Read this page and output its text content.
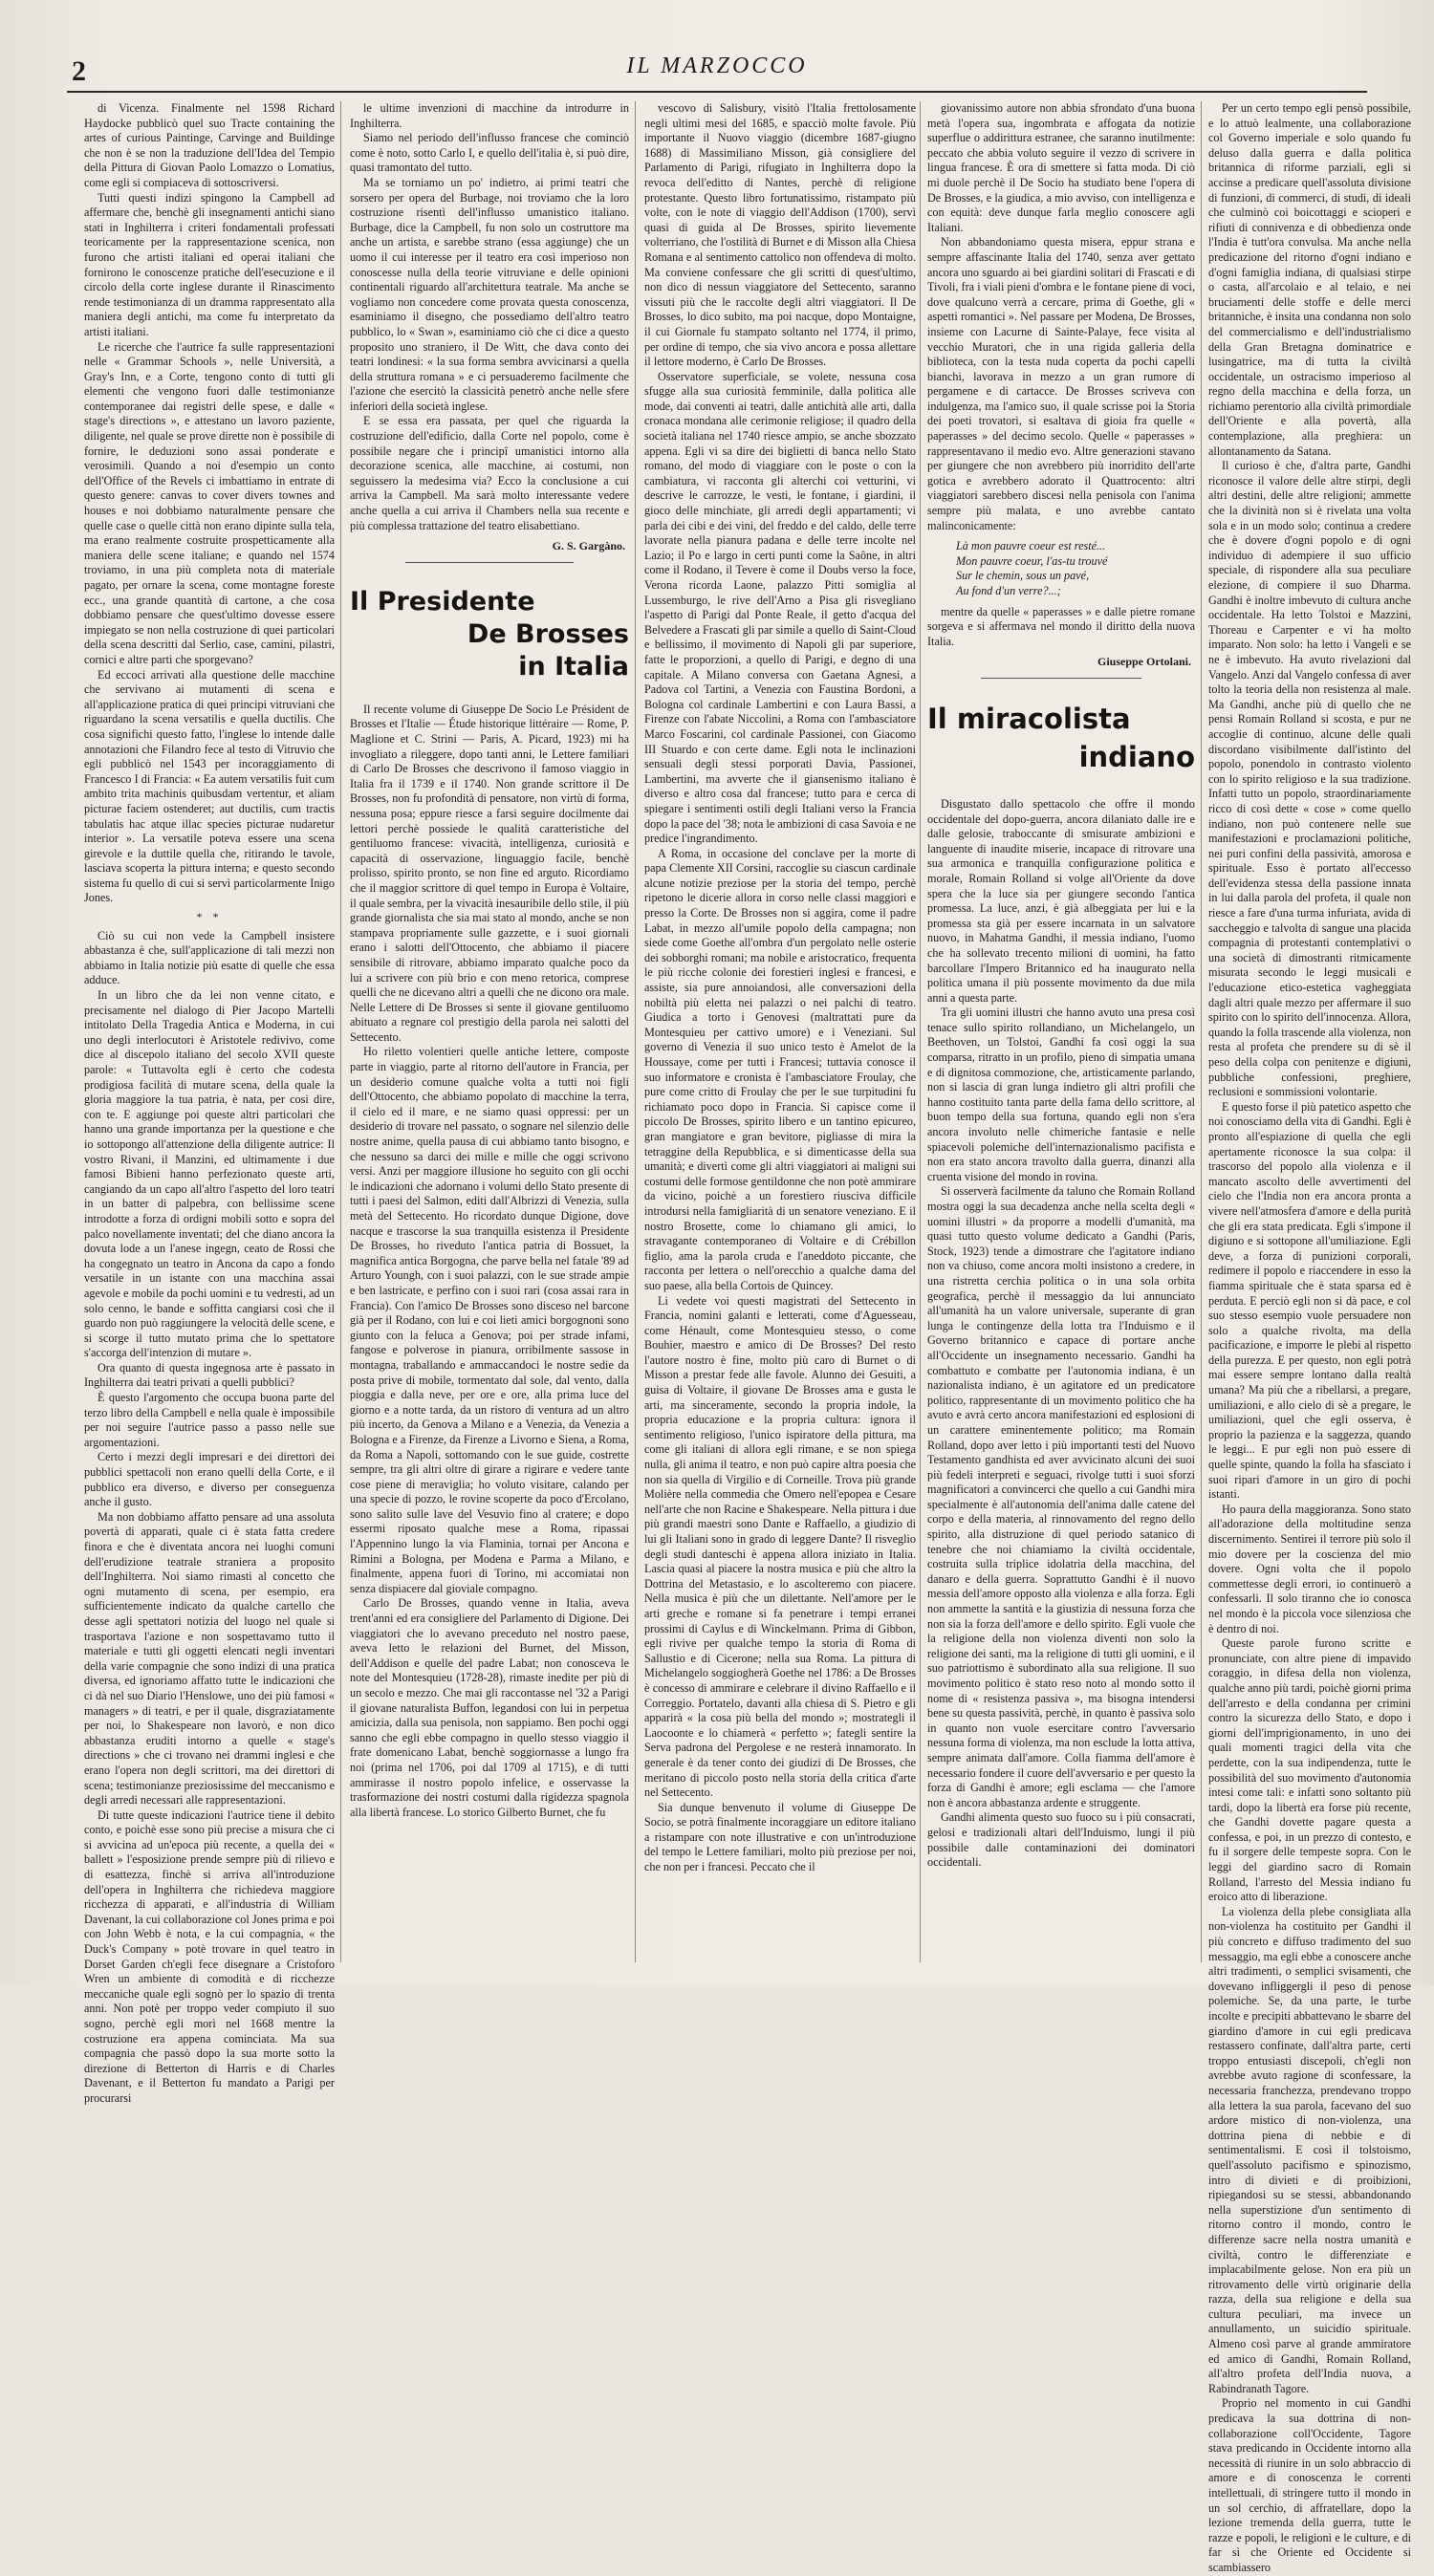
2	IL MARZOCCO

di Vicenza. Finalmente nel 1598 Richard Haydocke pubblicò quel suo Tracte containing the artes of curious Paintinge, Carvinge and Buildinge che non è se non la traduzione dell'Idea del Tempio della Pittura di Giovan Paolo Lomazzo o Lomatius, come egli si compiaceva di sottoscriversi.

Tutti questi indizi spingono la Campbell ad affermare che, benchè gli insegnamenti antichi siano stati in Inghilterra i criteri fondamentali professati teoricamente per la rappresentazione scenica, non furono che artisti italiani ed operai italiani che fornirono le conoscenze pratiche dell'esecuzione e il circolo della corte inglese durante il Rinascimento rende testimonianza di un dramma rappresentato alla maniera degli antichi, ma come fu interpretato da artisti italiani.

Le ricerche che l'autrice fa sulle rappresentazioni nelle « Grammar Schools », nelle Università, a Gray's Inn, e a Corte, tengono conto di tutti gli elementi che vengono fuori dalle testimonianze contemporanee dai registri delle spese, e dalle « stage's directions », e attestano un lavoro paziente, diligente, nel quale se prove dirette non è possibile di fornire, le deduzioni sono assai ponderate e verosimili. Quando a noi d'esempio un conto dell'Office of the Revels ci imbattiamo in entrate di questo genere: canvas to cover divers townes and houses e noi dobbiamo naturalmente pensare che quelle case o quelle città non erano dipinte sulla tela, ma erano realmente costruite prospetticamente alla maniera delle scene italiane; e quando nel 1574 troviamo, in una più completa nota di materiale pagato, per ornare la scena, come montagne foreste ecc., una grande quantità di cartone, a che cosa dobbiamo pensare che quest'ultimo dovesse essere impiegato se non nella costruzione di quei particolari della scena descritti dal Serlio, case, camini, pilastri, cornici e altre parti che sporgevano?

Ed eccoci arrivati alla questione delle macchine che servivano ai mutamenti di scena e all'applicazione pratica di quei principi vitruviani che riguardano la scena versatilis e quella ductilis. Che cosa significhi questo fatto, l'inglese lo intende dalle annotazioni che Filandro fece al testo di Vitruvio che egli pubblicò nel 1543 per incoraggiamento di Francesco I di Francia: « Ea autem versatilis fuit cum ambito trita machinis quibusdam vertentur, et aliam picturae faciem ostenderet; aut ductilis, cum tractis tabulatis hac atque illac species picturae nudaretur interior ». La versatile poteva essere una scena girevole e la duttile quella che, ritirando le tavole, lasciava scoperta la pittura interna; e questo secondo sistema fu quello di cui si servì particolarmente Inigo Jones.

* *

Ciò su cui non vede la Campbell insistere abbastanza è che, sull'applicazione di tali mezzi non abbiamo in Italia notizie più esatte di quelle che essa adduce.

In un libro che da lei non venne citato, e precisamente nel dialogo di Pier Jacopo Martelli intitolato Della Tragedia Antica e Moderna, in cui uno degli interlocutori è Aristotele redivivo, come dice al discepolo italiano del secolo XVII queste parole: « Tuttavolta egli è certo che codesta prodigiosa facilità di mutare scena, della quale la gloria maggiore la tua patria, è nata, per cosi dire, con te. E aggiunge poi queste altri particolari che hanno una grande importanza per la questione e che io sottopongo all'attenzione della diligente autrice: Il vostro Rivani, il Manzini, ed ultimamente i due famosi Bibieni hanno perfezionato queste arti, cangiando da un capo all'altro l'aspetto del loro teatri in un batter di palpebra, con bellissime scene introdotte a forza di ordigni mobili sotto e sopra del palco novellamente inventati; del che diano ancora la dovuta lode a un l'anese ingegn, ceato de Rossi che ha congegnato un teatro in Ancona da capo a fondo versatile in un istante con una macchina assai agevole e mobile da pochi uomini e tu vedresti, ad un solo cenno, le bande e soffitta cangiarsi così che il guardo non può raggiungere la velocità delle scene, e si scorge il tutto mutato prima che lo spettatore s'accorga dell'intenzion di mutare ».

Ora quanto di questa ingegnosa arte è passato in Inghilterra dai teatri privati a quelli pubblici?

È questo l'argomento che occupa buona parte del terzo libro della Campbell e nella quale è impossibile per noi seguire l'autrice passo a passo nelle sue argomentazioni.

Certo i mezzi degli impresari e dei direttori dei pubblici spettacoli non erano quelli della Corte, e il pubblico era diverso, e diverso per conseguenza anche il gusto.

Ma non dobbiamo affatto pensare ad una assoluta povertà di apparati, quale ci è stata fatta credere finora e che è diventata ancora nei luoghi comuni dell'erudizione teatrale straniera a proposito dell'Inghilterra. Noi siamo rimasti al concetto che ogni mutamento di scena, per esempio, era sufficientemente indicato da qualche cartello che desse agli spettatori notizia del luogo nel quale si trasportava l'azione e non sospettavamo tutto il materiale e tutti gli oggetti elencati negli inventari della varie compagnie che sono indizi di una pratica diversa, ed ignoriamo affatto tutte le indicazioni che ci dà nel suo Diario l'Henslowe, uno dei più famosi « managers » di teatri, e per il quale, disgraziatamente per noi, lo Shakespeare non lavorò, e non dico abbastanza eruditi intorno a quelle « stage's directions » che ci trovano nei drammi inglesi e che erano l'opera non degli scrittori, ma dei direttori di scena; testimonianze preziosissime del meccanismo e degli arredi necessari alle rappresentazioni.

Di tutte queste indicazioni l'autrice tiene il debito conto, e poichè esse sono più precise a misura che ci si avvicina ad un'epoca più recente, a quella dei « ballett » l'esposizione prende sempre più di rilievo e di esattezza, finchè si arriva all'introduzione dell'opera in Inghilterra che richiedeva maggiore ricchezza di apparati, e all'industria di William Davenant, la cui collaborazione col Jones prima e poi con John Webb è nota, e la cui compagnia, « the Duck's Company » potè trovare in quel teatro in Dorset Garden ch'egli fece disegnare a Cristoforo Wren un ambiente di comodità e di ricchezze meccaniche quale egli sognò per lo spazio di trenta anni. Non potè per troppo veder compiuto il suo sogno, perchè egli morì nel 1668 mentre la costruzione era appena cominciata. Ma sua compagnia che passò dopo la sua morte sotto la direzione di Betterton di Harris e di Charles Davenant, e il Betterton fu mandato a Parigi per procurarsi

le ultime invenzioni di macchine da introdurre in Inghilterra.

Siamo nel periodo dell'influsso francese che cominciò come è noto, sotto Carlo I, e quello dell'italia è, si può dire, quasi tramontato del tutto.

Ma se torniamo un po' indietro, ai primi teatri che sorsero per opera del Burbage, noi troviamo che la loro costruzione risentì dell'influsso umanistico italiano. Burbage, dice la Campbell, fu non solo un costruttore ma anche un artista, e sarebbe strano (essa aggiunge) che un uomo il cui interesse per il teatro era così imperioso non conoscesse nulla della teorie vitruviane e delle opinioni continentali riguardo all'architettura teatrale. Ma anche se vogliamo non concedere come provata questa conoscenza, esaminiamo il disegno, che possediamo dell'altro teatro pubblico, lo « Swan », esaminiamo ciò che ci dice a questo proposito uno straniero, il De Witt, che dava conto dei teatri londinesi: « la sua forma sembra avvicinarsi a quella della struttura romana » e ci persuaderemo facilmente che l'azione che esercitò la classicità penetrò anche nelle sfere inferiori della società inglese.

E se essa era passata, per quel che riguarda la costruzione dell'edificio, dalla Corte nel popolo, come è possibile negare che i principî umanistici intorno alla decorazione scenica, alle macchine, ai costumi, non seguissero la medesima via? Ecco la conclusione a cui arriva la Campbell. Ma sarà molto interessante vedere anche quella a cui arriva il Chambers nella sua recente e più complessa trattazione del teatro elisabettiano.

G. S. Gargàno.

Il Presidente
De Brosses
in Italia

Il recente volume di Giuseppe De Socio Le Président de Brosses et l'Italie — Étude historique littéraire — Rome, P. Maglione et C. Strini — Paris, A. Picard, 1923) mi ha invogliato a rileggere, dopo tanti anni, le Lettere familiari di Carlo De Brosses che descrivono il famoso viaggio in Italia fra il 1739 e il 1740. Non grande scrittore il De Brosses, non fu profondità di pensatore, non virtù di forma, nessuna posa; eppure riesce a farsi seguire docilmente dai lettori perchè possiede le qualità caratteristiche del gentiluomo francese: vivacità, intelligenza, curiosità e capacità di osservazione, linguaggio facile, benchè prolisso, spirito pronto, se non fine ed arguto. Ricordiamo che il maggior scrittore di quel tempo in Europa è Voltaire, il quale sembra, per la vivacità inesauribile dello stile, il più grande giornalista che sia mai stato al mondo, anche se non stampava propriamente sulle gazzette, e i suoi giornali erano i salotti dell'Ottocento, che abbiamo il piacere sensibile di ritrovare, abbiamo imparato qualche poco da lui a scrivere con più brio e con meno retorica, comprese quelli che ne dicevano altri a quelli che ne dicono ora male. Nelle Lettere di De Brosses si sente il giovane gentiluomo abituato a regnare col prestigio della parola nei salotti del Settecento.

Ho riletto volentieri quelle antiche lettere, composte parte in viaggio, parte al ritorno dell'autore in Francia, per un desiderio comune qualche volta a tutti noi figli dell'Ottocento, che abbiamo popolato di macchine la terra, il cielo ed il mare, e ne siamo quasi oppressi: per un desiderio di trovare nel passato, o sognare nel silenzio delle nostre anime, quella pausa di cui abbiamo tanto bisogno, e che nessuno sa darci dei mille e mille che oggi scrivono versi. Anzi per maggiore illusione ho seguito con gli occhi le indicazioni che adornano i volumi dello Stato presente di tutti i paesi del Salmon, editi dall'Albrizzi di Venezia, sulla metà del Settecento. Ho ricordato dunque Digione, dove nacque e trascorse la sua tranquilla esistenza il Presidente De Brosses, ho riveduto l'antica patria di Bossuet, la magnifica antica Borgogna, che parve bella nel fatale '89 ad Arturo Youngh, con i suoi palazzi, con le sue strade ampie e ben lastricate, e perfino con i suoi rari (cosa assai rara in Francia). Con l'amico De Brosses sono disceso nel barcone già per il Rodano, con lui e coi lieti amici borgognoni sono giunto con la feluca a Genova; poi per strade infami, fangose e polverose in pianura, orribilmente sassose in montagna, traballando e ammaccandoci le nostre sedie da posta prive di mobile, tormentato dal sole, dal vento, dalla pioggia e dalla neve, per ore e ore, alla prima luce del giorno e a notte tarda, da un ristoro di ventura ad un altro più incerto, da Genova a Milano e a Venezia, da Venezia a Bologna e a Firenze, da Firenze a Livorno e Siena, a Roma, da Roma a Napoli, sottomando con le sue guide, costrette sempre, tra gli altri oltre di girare a rigirare e vedere tante cose piene di meraviglia; ho voluto visitare, calando per una specie di pozzo, le rovine scoperte da poco d'Ercolano, sono salito sulle lave del Vesuvio fino al cratere; e dopo essermi riposato qualche mese a Roma, ripassai l'Appennino lungo la via Flaminia, tornai per Ancona e Rimini a Bologna, per Modena e Parma a Milano, e finalmente, appena fuori di Torino, mi accomiatai non senza dispiacere dal gioviale compagno.

Carlo De Brosses, quando venne in Italia, aveva trent'anni ed era consigliere del Parlamento di Digione. Dei viaggiatori che lo avevano preceduto nel nostro paese, aveva letto le relazioni del Burnet, del Misson, dell'Addison e quelle del padre Labat; non conosceva le note del Montesquieu (1728-28), rimaste inedite per più di un secolo e mezzo. Che mai gli raccontasse nel '32 a Parigi il giovane naturalista Buffon, legandosi con lui in perpetua amicizia, dalla sua penisola, non sappiamo. Ben pochi oggi sanno che egli ebbe compagno in quello stesso viaggio il frate domenicano Labat, benchè soggiornasse a lungo fra noi (prima nel 1706, poi dal 1709 al 1715), e di tutti ammirasse il nostro popolo infelice, e osservasse la trasformazione dei nostri costumi dalla rigidezza spagnola alla libertà francese. Lo storico Gilberto Burnet, che fu

vescovo di Salisbury, visitò l'Italia frettolosamente negli ultimi mesi del 1685, e spacciò molte favole. Più importante il Nuovo viaggio (dicembre 1687-giugno 1688) di Massimiliano Misson, già consigliere del Parlamento di Parigi, rifugiato in Inghilterra dopo la revoca dell'editto di Nantes, perchè di religione protestante. Questo libro fortunatissimo, ristampato più volte, con le note di viaggio dell'Addison (1700), servì quasi di guida al De Brosses, spirito lievemente volterriano, che l'ostilità di Burnet e di Misson alla Chiesa Romana e al sentimento cattolico non offendeva di molto. Ma conviene confessare che gli scritti di quest'ultimo, non dico di nessun viaggiatore del Settecento, saranno vissuti più che le raccolte degli altri viaggiatori. Il De Brosses, lo dico subito, ma poi nacque, dopo Montaigne, il cui Giornale fu stampato soltanto nel 1774, il primo, per ordine di tempo, che sia vivo ancora e possa allettare il lettore moderno, è Carlo De Brosses.

Osservatore superficiale, se volete, nessuna cosa sfugge alla sua curiosità femminile, dalla politica alle mode, dai conventi ai teatri, dalle antichità alle arti, dalla cronaca mondana alle cerimonie religiose; il quadro della società italiana nel 1740 riesce ampio, se anche sbozzato appena. Egli vi sa dire dei biglietti di banca nello Stato romano, del modo di viaggiare con le poste o con la cambiatura, vi racconta gli alterchi coi vetturini, vi descrive le carrozze, le vesti, le fontane, i giardini, il gioco delle minchiate, gli arredi degli appartamenti; vi parla dei cibi e dei vini, del freddo e del caldo, delle terre lavorate nella pianura padana e delle terre incolte nel Lazio; il Po e largo in certi punti come la Saône, in altri come il Rodano, il Tevere è come il Doubs verso la foce, Verona ricorda Laone, palazzo Pitti somiglia al Lussemburgo, le rive dell'Arno a Pisa gli risvegliano l'aspetto di Parigi dal Ponte Reale, il getto d'acqua del Belvedere a Frascati gli par simile a quello di Saint-Cloud e bellissimo, il movimento di Napoli gli par superiore, fatte le proporzioni, a quello di Parigi, e degno di una capitale. A Milano conversa con Gaetana Agnesi, a Padova col Tartini, a Venezia con Faustina Bordoni, a Bologna col cardinale Lambertini e con Laura Bassi, a Firenze con l'abate Niccolini, a Roma con l'ambasciatore Marco Foscarini, col cardinale Passionei, con Giacomo III Stuardo e con certe dame. Egli nota le inclinazioni sensuali degli stessi porporati Davia, Passionei, Lambertini, ma avverte che il giansenismo italiano è diverso e altro cosa dal francese; tutto para e cerca di spiegare i sentimenti ostili degli Italiani verso la Francia dopo la pace del '38; nota le ambizioni di casa Savoia e ne predice l'ingrandimento.

A Roma, in occasione del conclave per la morte di papa Clemente XII Corsini, raccoglie su ciascun cardinale alcune notizie preziose per la storia del tempo, perchè ripetono le dicerie allora in corso nelle classi maggiori e presso la Corte. De Brosses non si aggira, come il padre Labat, in mezzo all'umile popolo della campagna; non siede come Goethe all'ombra d'un pergolato nelle osterie dei sobborghi romani; ma nobile e aristocratico, frequenta le più ricche colonie dei forestieri inglesi e francesi, e assiste, sia pure annoiandosi, alle conversazioni della nobiltà più eletta nei palazzi o nei palchi di teatro. Giudica a torto i Genovesi (maltrattati pure da Montesquieu per cattivo umore) e i Veneziani. Sul governo di Venezia il suo unico testo è Amelot de la Houssaye, come per tutti i Francesi; tuttavia conosce il suo informatore e cronista è l'ambasciatore Froulay, che pure come critto di Froulay che per le sue turpitudini fu richiamato poco dopo in Francia. Si capisce come il piccolo De Brosses, spirito libero e un tantino epicureo, gran mangiatore e gran bevitore, pigliasse di mira la tetraggine della Repubblica, e si dimenticasse della sua umanità; e divertì come gli altri viaggiatori ai maligni sui costumi delle formose gentildonne che non potè ammirare da vicino, poichè a un forestiero riusciva difficile introdursi nella famigliarità di un senatore veneziano. E il nostro Brosette, come lo chiamano gli amici, lo stravagante contemporaneo di Voltaire e di Crébillon figlio, ama la parola cruda e l'aneddoto piccante, che racconta per lettera o nell'orecchio a qualche dama del suo paese, alla bella Cortois de Quincey.

Li vedete voi questi magistrati del Settecento in Francia, nomini galanti e letterati, come d'Aguesseau, come Hénault, come Montesquieu stesso, o come Bouhier, maestro e amico di De Brosses? Del resto l'autore nostro è fine, molto più caro di Burnet o di Misson a prestar fede alle favole. Alunno dei Gesuiti, a guisa di Voltaire, il giovane De Brosses ama e gusta le arti, ma sinceramente, secondo la propria indole, la propria educazione e la propria cultura: ignora il sentimento religioso, l'unico ispiratore della pittura, ma come gli italiani di allora egli rimane, e se non spiega nulla, gli anima il teatro, e non può capire altra poesia che non sia quella di Virgilio e di Corneille. Trova più grande Molière nella commedia che Omero nell'epopea e Cesare nell'arte che non Racine e Shakespeare. Nella pittura i due più grandi maestri sono Dante e Raffaello, a giudizio di lui gli Italiani sono in grado di leggere Dante? Il risveglio degli studi danteschi è appena allora iniziato in Italia. Lascia quasi al piacere la nostra musica e più che altro la Dottrina del Metastasio, e lo ascolteremo con piacere. Nella musica è più che un dilettante. Nell'amore per le arti greche e romane si fa penetrare i tempi erranei prossimi di Caylus e di Winckelmann. Prima di Gibbon, egli rivive per qualche tempo la storia di Roma di Sallustio e di Cicerone; nella sua Roma. La pittura di Michelangelo soggiogherà Goethe nel 1786: a De Brosses è concesso di ammirare e celebrare il divino Raffaello e il Correggio. Portatelo, davanti alla chiesa di S. Pietro e gli apparirà « la cosa più bella del mondo »; mostrategli il Laocoonte e lo chiamerà « perfetto »; fategli sentire la Serva padrona del Pergolese e ne resterà innamorato. In generale è da tener conto dei giudizi di De Brosses, che meritano di piccolo posto nella storia della critica d'arte nel Settecento.

Sia dunque benvenuto il volume di Giuseppe De Socio, se potrà finalmente incoraggiare un editore italiano a ristampare con note illustrative e con un'introduzione del tempo le Lettere familiari, molto più preziose per noi, che non per i francesi. Peccato che il

giovanissimo autore non abbia sfrondato d'una buona metà l'opera sua, ingombrata e affogata da notizie superflue o addirittura estranee, che saranno inutilmente: peccato che abbia voluto seguire il vezzo di scrivere in lingua francese. È ora di smettere sì fatta moda. Di ciò mi duole perchè il De Socio ha studiato bene l'opera di De Brosses, e la giudica, a mio avviso, con intelligenza e con equità: deve dunque farla meglio conoscere agli Italiani.

Non abbandoniamo questa misera, eppur strana e sempre affascinante Italia del 1740, senza aver gettato ancora uno sguardo ai bei giardini solitari di Frascati e di Tivoli, fra i viali pieni d'ombra e le fontane piene di voci, dove qualcuno verrà a cercare, prima di Goethe, gli « aspetti romantici ». Nel passare per Modena, De Brosses, insieme con Lacurne di Sainte-Palaye, fece visita al vecchio Muratori, che in una rigida galleria della biblioteca, con la testa nuda coperta da pochi capelli bianchi, lavorava in mezzo a un gran rumore di pergamene e di cartacce. De Brosses scriveva con indulgenza, ma l'amico suo, il quale scrisse poi la Storia dei poeti trovatori, si esaltava di gioia fra quelle « paperasses » del decimo secolo. Quelle « paperasses » rappresentavano il medio evo. Altre generazioni stavano per giungere che non avrebbero più inorridito dell'arte gotica e avrebbero adorato il Quattrocento: altri viaggiatori sarebbero discesi nella penisola con l'anima sempre più malata, e uno avrebbe cantato malinconicamente:

Là mon pauvre coeur est resté...
Mon pauvre coeur, l'as-tu trouvé
Sur le chemin, sous un pavé,
Au fond d'un verre?...;

mentre da quelle « paperasses » e dalle pietre romane sorgeva e si affermava nel mondo il diritto della nuova Italia.

Giuseppe Ortolani.

Il miracolista
indiano

Disgustato dallo spettacolo che offre il mondo occidentale del dopo-guerra, ancora dilaniato dalle ire e dalle gelosie, traboccante di smisurate ambizioni e languente di inaudite miserie, incapace di ritrovare una sua armonica e tranquilla configurazione politica e morale, Romain Rolland si volge all'Oriente da dove spera che la luce sia per giungere secondo l'antica promessa. La luce, anzi, è già albeggiata per lui e la promessa sta già per essere incarnata in un salvatore nuovo, in Mahatma Gandhi, il messia indiano, l'uomo che ha sollevato trecento milioni di uomini, ha fatto barcollare l'Impero Britannico ed ha inaugurato nella politica umana il più possente movimento da due mila anni a questa parte.

Tra gli uomini illustri che hanno avuto una presa così tenace sullo spirito rollandiano, un Michelangelo, un Beethoven, un Tolstoi, Gandhi fa così oggi la sua comparsa, ritratto in un profilo, pieno di simpatia umana e di dignitosa commozione, che, artisticamente parlando, non si lascia di gran lunga indietro gli altri profili che hanno costituito tanta parte della fama dello scrittore, al buon tempo della sua fortuna, quando egli non s'era ancora involuto nelle chimeriche fantasie e nelle spiacevoli polemiche dell'internazionalismo pacifista e non era stato ancora travolto dalla guerra, dinanzi alla cruenta visione del mondo in rovina.

Si osserverà facilmente da taluno che Romain Rolland mostra oggi la sua decadenza anche nella scelta degli « uomini illustri » da proporre a modelli d'umanità, ma quasi tutto questo volume dedicato a Gandhi (Paris, Stock, 1923) tende a dimostrare che l'agitatore indiano non va chiuso, come ancora molti insistono a credere, in una ristretta cerchia politica o in una sola orbita geografica, perchè il messaggio da lui annunciato all'umanità ha un valore universale, superante di gran lunga le contingenze della lotta tra l'Induismo e il Governo britannico e capace di portare anche all'Occidente un insegnamento necessario. Gandhi ha combattuto e combatte per l'autonomia indiana, è un nazionalista indiano, è un agitatore ed un predicatore politico, rappresentante di un movimento politico che ha avuto e avrà certo ancora manifestazioni ed esplosioni di un carattere eminentemente politico; ma Romain Rolland, dopo aver letto i più importanti testi del Nuovo Testamento gandhista ed aver avvicinato alcuni dei suoi più fedeli interpreti e seguaci, rivolge tutti i suoi sforzi magnificatori a convincerci che quello a cui Gandhi mira specialmente è all'autonomia dell'anima dalle catene del corpo e della materia, al rinnovamento del regno dello spirito, alla distruzione di quel periodo satanico di tenebre che noi chiamiamo la civiltà occidentale, costruita sulla triplice idolatria della macchina, del danaro e della guerra. Soprattutto Gandhi è il nuovo messia dell'amore opposto alla violenza e alla forza. Egli non ammette la santità e la giustizia di nessuna forza che non sia la forza dell'amore e dello spirito. Egli vuole che la religione della non violenza diventi non solo la religione dei santi, ma la religione di tutti gli uomini, e il suo patriottismo è subordinato alla sua religione. Il suo movimento politico è stato reso noto al mondo sotto il nome di « resistenza passiva », ma bisogna intendersi bene su questa passività, perchè, in quanto è passiva solo in quanto non vuole esercitare contro l'avversario nessuna forma di violenza, ma non esclude la lotta attiva, sempre animata dall'amore. Colla fiamma dell'amore è necessario fondere il cuore dell'avversario e per questo la forza di Gandhi è amore; egli esclama — che l'amore non è ancora abbastanza ardente e struggente.

Gandhi alimenta questo suo fuoco su i più consacrati, gelosi e tradizionali altari dell'Induismo, lungi il più possibile dalle contaminazioni dei dominatori occidentali.

Per un certo tempo egli pensò possibile, e lo attuò lealmente, una collaborazione col Governo imperiale e solo quando fu deluso dalla guerra e dalla politica britannica di riforme parziali, egli si accinse a predicare quell'assoluta divisione di funzioni, di commerci, di studi, di ideali che culminò coi boicottaggi e scioperi e rifiuti di connivenza e di obbedienza onde l'India è tutt'ora convulsa. Ma anche nella predicazione del ritorno d'ogni indiano e d'ogni famiglia indiana, di qualsiasi stirpe o casta, all'arcolaio e al telaio, e nei bruciamenti delle stoffe e delle merci britanniche, è insita una condanna non solo del commercialismo e dell'industrialismo della Gran Bretagna dominatrice e lusingatrice, ma di tutta la civiltà occidentale, un ostracismo imperioso al regno della macchina e della forza, un richiamo perentorio alla civiltà primordiale dell'Oriente e alla povertà, alla contemplazione, alla preghiera: un allontanamento da Satana.

Il curioso è che, d'altra parte, Gandhi riconosce il valore delle altre stirpi, degli altri destini, delle altre religioni; ammette che la divinità non si è rivelata una volta sola e in un modo solo; continua a credere che è dovere d'ogni popolo e di ogni individuo di adempiere il suo ufficio speciale, di rispondere alla sua peculiare elezione, di compiere il suo Dharma. Gandhi è inoltre imbevuto di cultura anche occidentale. Ha letto Tolstoi e Mazzini, Thoreau e Carpenter e vi ha molto imparato. Non solo: ha letto i Vangeli e se ne è imbevuto. Ha avuto rivelazioni dal Vangelo. Anzi dal Vangelo confessa di aver tolto la teoria della non resistenza al male. Ma Gandhi, anche più di quello che ne pensi Romain Rolland si scosta, e pur ne accoglie di continuo, alcune delle quali discordano visibilmente dall'istinto del popolo, ponendolo in contrasto violento con lo spirito religioso e la sua tradizione. Infatti tutto un popolo, straordinariamente ricco di così dette « cose » come quello indiano, non può contenere nelle sue manifestazioni e proclamazioni politiche, nei puri confini della passività, amorosa e spirituale. Esso è portato all'eccesso dell'evidenza stessa della passione innata in lui dalla parola del profeta, il quale non riesce a fare d'una turma infuriata, avida di saccheggio e talvolta di sangue una placida compagnia di protestanti contemplativi o una società di dimostranti ritmicamente misurata secondo le leggi musicali e l'educazione etico-estetica vagheggiata dagli altri quale mezzo per affermare il suo spirito con lo spirito dell'innocenza. Allora, quando la folla trascende alla violenza, non resta al profeta che prendere su di sè il peso della colpa con penitenze e digiuni, pubbliche confessioni, preghiere, reclusioni e sommissioni volontarie.

E questo forse il più patetico aspetto che noi conosciamo della vita di Gandhi. Egli è pronto all'espiazione di quella che egli apertamente riconosce la sua colpa: il trascorso del popolo alla violenza e il mancato ascolto delle avvertimenti del cielo che l'India non era ancora pronta a vivere nell'atmosfera d'amore e della purità che gli era stata predicata. Egli s'impone il digiuno e si sottopone all'umiliazione. Egli deve, a forza di punizioni corporali, redimere il popolo e riaccendere in esso la fiamma spirituale che è stata sparsa ed è perduta. E perciò egli non si dà pace, e col suo stesso esempio vuole persuadere non solo a qualche rivolta, ma della pacificazione, e imporre le plebi al rispetto della purezza. E per questo, non egli potrà mai essere sempre lontano dalla realtà umana? Ma più che a ribellarsi, a pregare, umiliazioni, e allo cielo di sè a pregare, le umiliazioni, quel che egli osserva, è proprio la pazienza e la saggezza, quando le leggi... E pur egli non può essere di quelle spinte, quando la folla ha sfasciato i suoi ripari d'amore in un giro di pochi istanti.

Ho paura della maggioranza. Sono stato all'adorazione della moltitudine senza discernimento. Sentirei il terrore più solo il mio dovere per la coscienza del mio dovere. Ogni volta che il popolo commettesse degli errori, io continuerò a confessarli. Il solo tiranno che io conosca nel mondo è la piccola voce silenziosa che è dentro di noi.

Queste parole furono scritte e pronunciate, con altre piene di impavido coraggio, in difesa della non violenza, qualche anno più tardi, poichè giorni prima dell'arresto e della condanna per crimini contro la sicurezza dello Stato, e dopo i giorni dell'imprigionamento, in uno dei quali momenti tragici della vita che perdette, con la sua indipendenza, tutte le possibilità del suo movimento d'autonomia intesi come tali: e infatti sono soltanto più tardi, dopo la libertà era forse più recente, che Gandhi dovette pagare questa a confessa, e poi, in un prezzo di contesto, e fu il sorgere delle tempeste sopra. Con le leggi del giardino sacro di Romain Rolland, l'arresto del Messia indiano fu eroico atto di liberazione.

La violenza della plebe consigliata alla non-violenza ha costituito per Gandhi il più concreto e diffuso tradimento del suo messaggio, ma egli ebbe a conoscere anche altri tradimenti, o semplici svisamenti, che dovevano infliggergli il peso di penose polemiche. Se, da una parte, le turbe incolte e precipiti abbattevano le sbarre del giardino d'amore in cui egli predicava restassero confinate, dall'altra parte, certi troppo entusiasti discepoli, ch'egli non avrebbe avuto ragione di sconfessare, la necessaria franchezza, prendevano troppo alla lettera la sua parola, facevano del suo ardore mistico di non-violenza, una dottrina piena di nebbie e di sentimentalismi. E così il tolstoismo, quell'assoluto pacifismo e spinozismo, intro di divieti e di proibizioni, ripiegandosi su se stessi, abbandonando nella superstizione d'un sentimento di ritorno contro il mondo, contro le differenze sacre nella nostra umanità e civiltà, contro le differenziate e implacabilmente gelose. Non era più un ritrovamento delle virtù originarie della razza, della sua religione e della sua cultura peculiari, ma invece un annullamento, un suicidio spirituale. Almeno così parve al grande ammiratore ed amico di Gandhi, Romain Rolland, all'altro profeta dell'India nuova, a Rabindranath Tagore.

Proprio nel momento in cui Gandhi predicava la sua dottrina di non-collaborazione coll'Occidente, Tagore stava predicando in Occidente intorno alla necessità di riunire in un solo abbraccio di amore e di conoscenza le correnti intellettuali, di stringere tutto il mondo in un sol cerchio, di affratellare, dopo la lezione tremenda della guerra, tutte le razze e popoli, le religioni e le culture, e di far sì che Oriente ed Occidente si scambiassero
